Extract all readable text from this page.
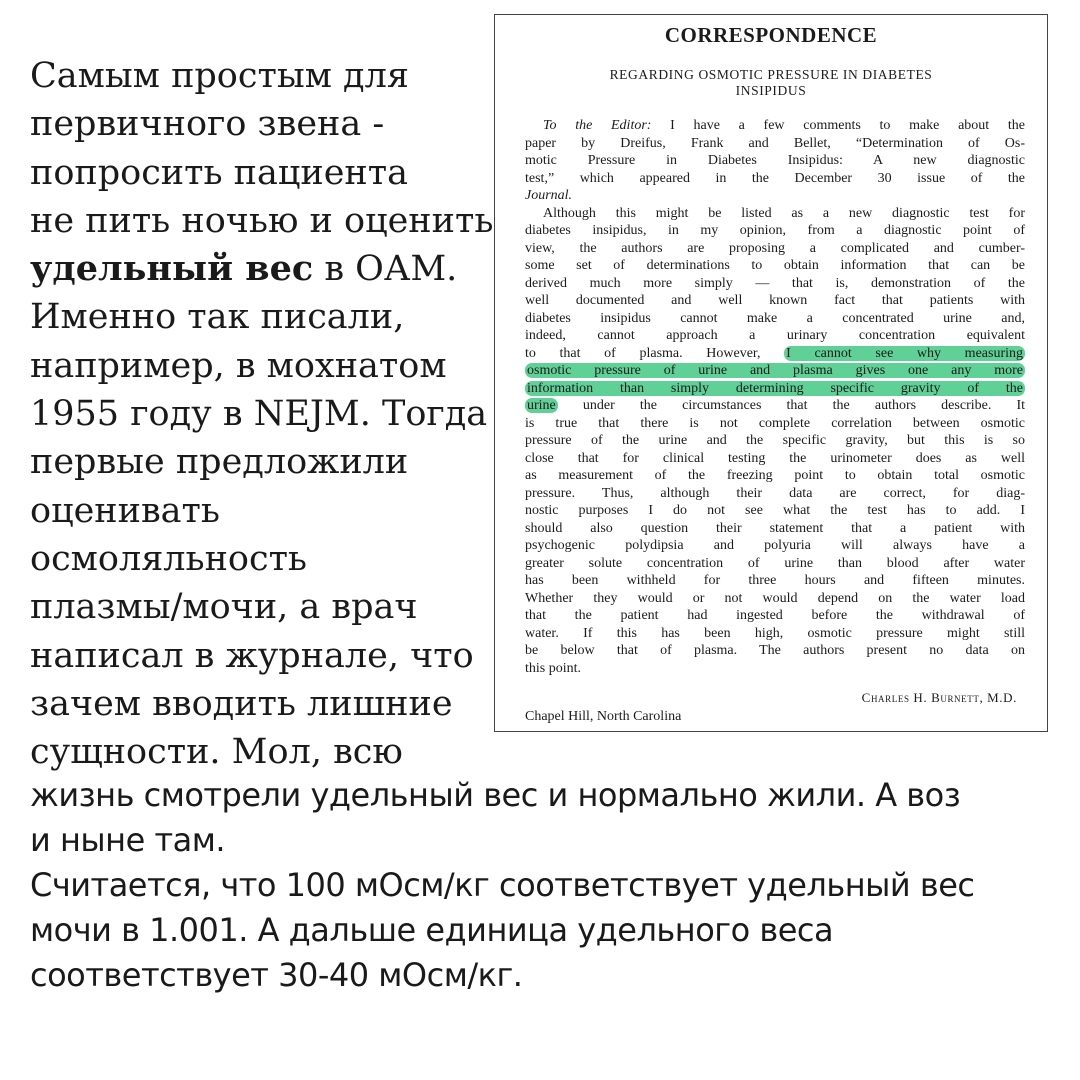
Самым простым для
первичного звена -
попросить пациента
не пить ночью и оценить
удельный вес в ОАМ.
Именно так писали,
например, в мохнатом
1955 году в NEJM. Тогда
первые предложили
оценивать
осмоляльность
плазмы/мочи, а врач
написал в журнале, что
зачем вводить лишние
сущности. Мол, всю
жизнь смотрели удельный вес и нормально жили. А воз
и ныне там.
Считается, что 100 мОсм/кг соответствует удельный вес
мочи в 1.001. А дальше единица удельного веса
соответствует 30-40 мОсм/кг.
CORRESPONDENCE
REGARDING OSMOTIC PRESSURE IN DIABETES
INSIPIDUS
To the Editor: I have a few comments to make about the
paper by Dreifus, Frank and Bellet, “Determination of Os-
motic Pressure in Diabetes Insipidus: A new diagnostic
test,” which appeared in the December 30 issue of the
Journal.
Although this might be listed as a new diagnostic test for
diabetes insipidus, in my opinion, from a diagnostic point of
view, the authors are proposing a complicated and cumber-
some set of determinations to obtain information that can be
derived much more simply — that is, demonstration of the
well documented and well known fact that patients with
diabetes insipidus cannot make a concentrated urine and,
indeed, cannot approach a urinary concentration equivalent
to that of plasma. However, I cannot see why measuring
osmotic pressure of urine and plasma gives one any more
information than simply determining specific gravity of the
urine under the circumstances that the authors describe. It
is true that there is not complete correlation between osmotic
pressure of the urine and the specific gravity, but this is so
close that for clinical testing the urinometer does as well
as measurement of the freezing point to obtain total osmotic
pressure. Thus, although their data are correct, for diag-
nostic purposes I do not see what the test has to add. I
should also question their statement that a patient with
psychogenic polydipsia and polyuria will always have a
greater solute concentration of urine than blood after water
has been withheld for three hours and fifteen minutes.
Whether they would or not would depend on the water load
that the patient had ingested before the withdrawal of
water. If this has been high, osmotic pressure might still
be below that of plasma. The authors present no data on
this point.
Charles H. Burnett, M.D.
Chapel Hill, North Carolina
